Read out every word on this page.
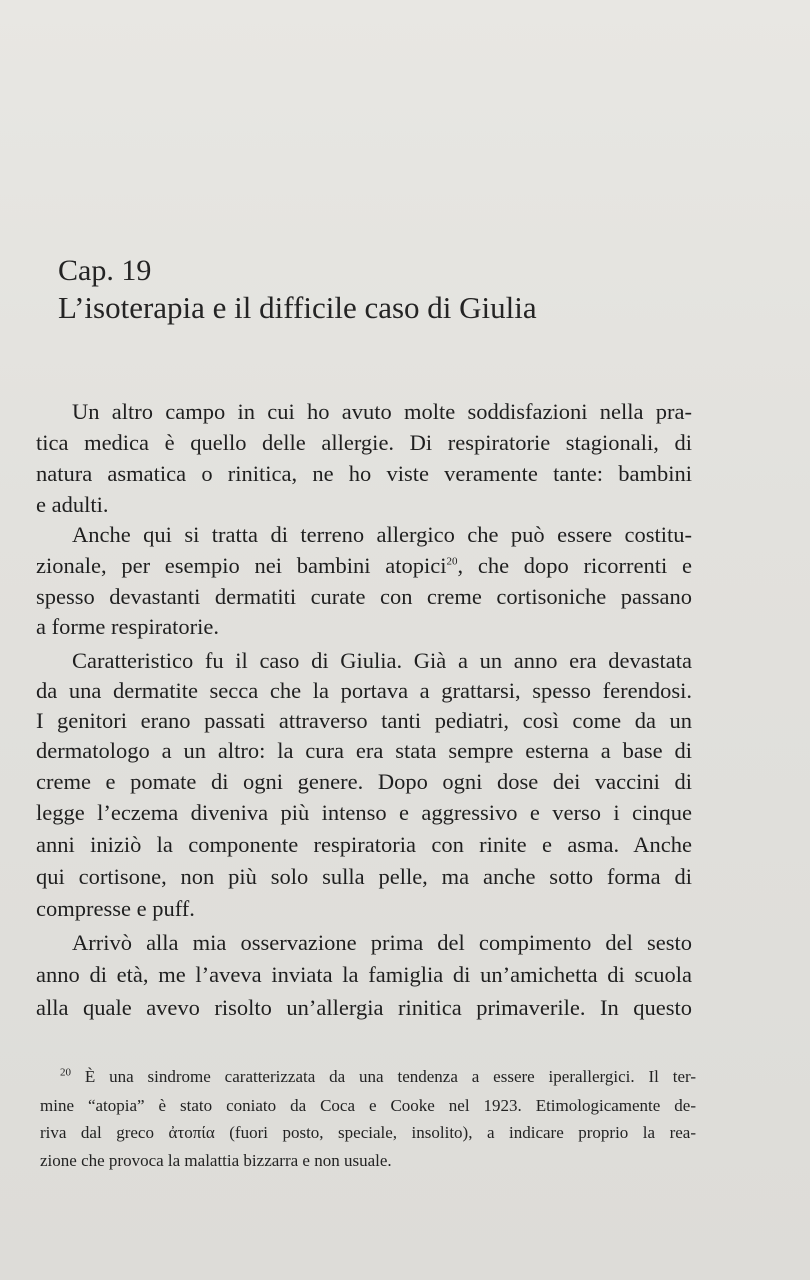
Cap. 19
L’isoterapia e il difficile caso di Giulia
Un altro campo in cui ho avuto molte soddisfazioni nella pra-
tica medica è quello delle allergie. Di respiratorie stagionali, di
natura asmatica o rinitica, ne ho viste veramente tante: bambini
e adulti.
Anche qui si tratta di terreno allergico che può essere costitu-
zionale, per esempio nei bambini atopici$^{20}$, che dopo ricorrenti e
spesso devastanti dermatiti curate con creme cortisoniche passano
a forme respiratorie.
Caratteristico fu il caso di Giulia. Già a un anno era devastata
da una dermatite secca che la portava a grattarsi, spesso ferendosi.
I genitori erano passati attraverso tanti pediatri, così come da un
dermatologo a un altro: la cura era stata sempre esterna a base di
creme e pomate di ogni genere. Dopo ogni dose dei vaccini di
legge l’eczema diveniva più intenso e aggressivo e verso i cinque
anni iniziò la componente respiratoria con rinite e asma. Anche
qui cortisone, non più solo sulla pelle, ma anche sotto forma di
compresse e puff.
Arrivò alla mia osservazione prima del compimento del sesto
anno di età, me l’aveva inviata la famiglia di un’amichetta di scuola
alla quale avevo risolto un’allergia rinitica primaverile. In questo
$^{20}$ È una sindrome caratterizzata da una tendenza a essere iperallergici. Il ter-
mine “atopia” è stato coniato da Coca e Cooke nel 1923. Etimologicamente de-
riva dal greco ἀτοπία (fuori posto, speciale, insolito), a indicare proprio la rea-
zione che provoca la malattia bizzarra e non usuale.
